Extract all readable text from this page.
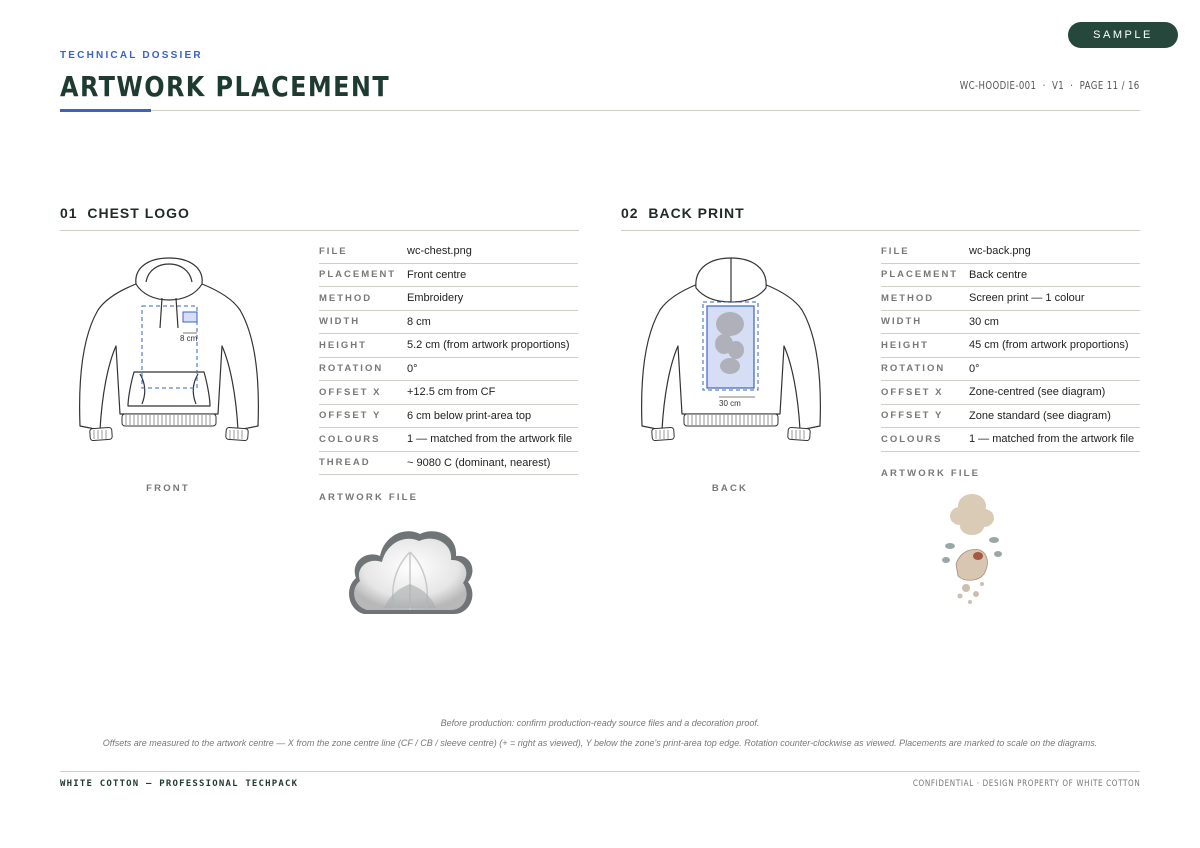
SAMPLE
TECHNICAL DOSSIER
ARTWORK PLACEMENT	WC-HOODIE-001  ·  V1  ·  PAGE 11 / 16
01  CHEST LOGO
8 cm
FRONT
FILE	wc-chest.png
PLACEMENT Front centre
METHOD	Embroidery
WIDTH	8 cm
HEIGHT	5.2 cm (from artwork proportions)
ROTATION	0°
OFFSET X	+12.5 cm from CF
OFFSET Y	6 cm below print-area top
COLOURS	1 — matched from the artwork file
THREAD	~ 9080 C (dominant, nearest)
ARTWORK FILE
02  BACK PRINT
30 cm
BACK
FILE	wc-back.png
PLACEMENT Back centre
METHOD	Screen print — 1 colour
WIDTH	30 cm
HEIGHT	45 cm (from artwork proportions)
ROTATION	0°
OFFSET X	Zone-centred (see diagram)
OFFSET Y	Zone standard (see diagram)
COLOURS	1 — matched from the artwork file
ARTWORK FILE
Before production: confirm production-ready source files and a decoration proof.
Offsets are measured to the artwork centre — X from the zone centre line (CF / CB / sleeve centre) (+ = right as viewed), Y below the zone's print-area top edge. Rotation counter-clockwise as viewed. Placements are marked to scale on the diagrams.
WHITE COTTON — PROFESSIONAL TECHPACK	CONFIDENTIAL · DESIGN PROPERTY OF WHITE COTTON
